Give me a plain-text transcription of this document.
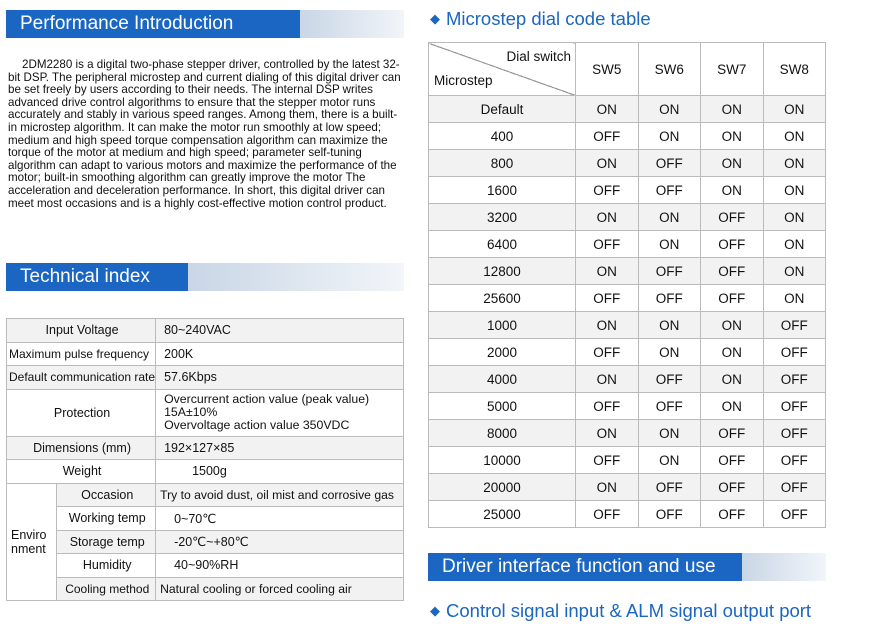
Performance Introduction

2DM2280 is a digital two-phase stepper driver, controlled by the latest 32-bit DSP. The peripheral microstep and current dialing of this digital driver can be set freely by users according to their needs. The internal DSP writes advanced drive control algorithms to ensure that the stepper motor runs accurately and stably in various speed ranges. Among them, there is a built-in microstep algorithm. It can make the motor run smoothly at low speed; medium and high speed torque compensation algorithm can maximize the torque of the motor at medium and high speed; parameter self-tuning algorithm can adapt to various motors and maximize the performance of the motor; built-in smoothing algorithm can greatly improve the motor The acceleration and deceleration performance. In short, this digital driver can meet most occasions and is a highly cost-effective motion control product.

Technical index
Input Voltage		80~240VAC
Maximum pulse frequency		200K
Default communication rate		57.6Kbps
Protection		Overcurrent action value (peak value)
15A±10%
Overvoltage action value 350VDC

Dimensions (mm)		192×127×85
Weight		1500g

Enviro
nment	Occasion	Try to avoid dust, oil mist and corrosive gas
	Working temp	0~70℃
	Storage temp	-20℃~+80℃
	Humidity	40~90%RH
	Cooling method	Natural cooling or forced cooling air
◆ Microstep dial code table
Dial switch
Microstep	SW5	SW6	SW7	SW8
Default	ON	ON	ON	ON
400	OFF	ON	ON	ON
800	ON	OFF	ON	ON
1600	OFF	OFF	ON	ON
3200	ON	ON	OFF	ON
6400	OFF	ON	OFF	ON
12800	ON	OFF	OFF	ON
25600	OFF	OFF	OFF	ON
1000	ON	ON	ON	OFF
2000	OFF	ON	ON	OFF
4000	ON	OFF	ON	OFF
5000	OFF	OFF	ON	OFF
8000	ON	ON	OFF	OFF
10000	OFF	ON	OFF	OFF
20000	ON	OFF	OFF	OFF
25000	OFF	OFF	OFF	OFF
Driver interface function and use
◆ Control signal input & ALM signal output port
